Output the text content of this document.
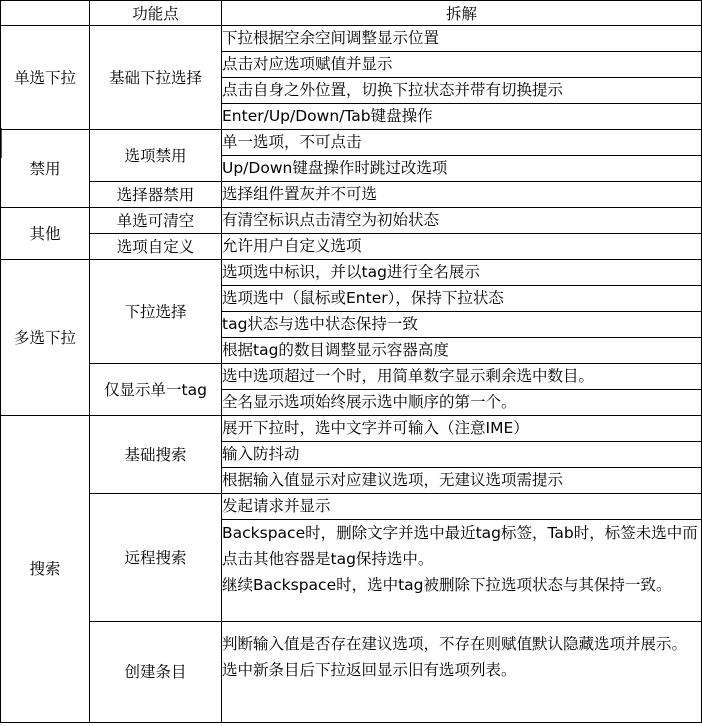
	功能点	拆解
单选下拉	基础下拉选择	下拉根据空余空间调整显示位置
		点击对应选项赋值并显示
		点击自身之外位置，切换下拉状态并带有切换提示
		Enter/Up/Down/Tab键盘操作
禁用	选项禁用	单一选项，不可点击
		Up/Down键盘操作时跳过改选项
	选择器禁用	选择组件置灰并不可选
其他	单选可清空	有清空标识点击清空为初始状态
	选项自定义	允许用户自定义选项
多选下拉	下拉选择	选项选中标识，并以tag进行全名展示
		选项选中（鼠标或Enter），保持下拉状态
		tag状态与选中状态保持一致
		根据tag的数目调整显示容器高度
	仅显示单一tag	选中选项超过一个时，用简单数字显示剩余选中数目。
		全名显示选项始终展示选中顺序的第一个。
搜索	基础搜索	展开下拉时，选中文字并可输入（注意IME）
		输入防抖动
		根据输入值显示对应建议选项，无建议选项需提示
	远程搜索	发起请求并显示

		Backspace时，删除文字并选中最近tag标签，Tab时，标签未选中而点击其他容器是tag保持选中。
继续Backspace时，选中tag被删除下拉选项状态与其保持一致。

	创建条目	判断输入值是否存在建议选项，不存在则赋值默认隐藏选项并展示。
选中新条目后下拉返回显示旧有选项列表。
